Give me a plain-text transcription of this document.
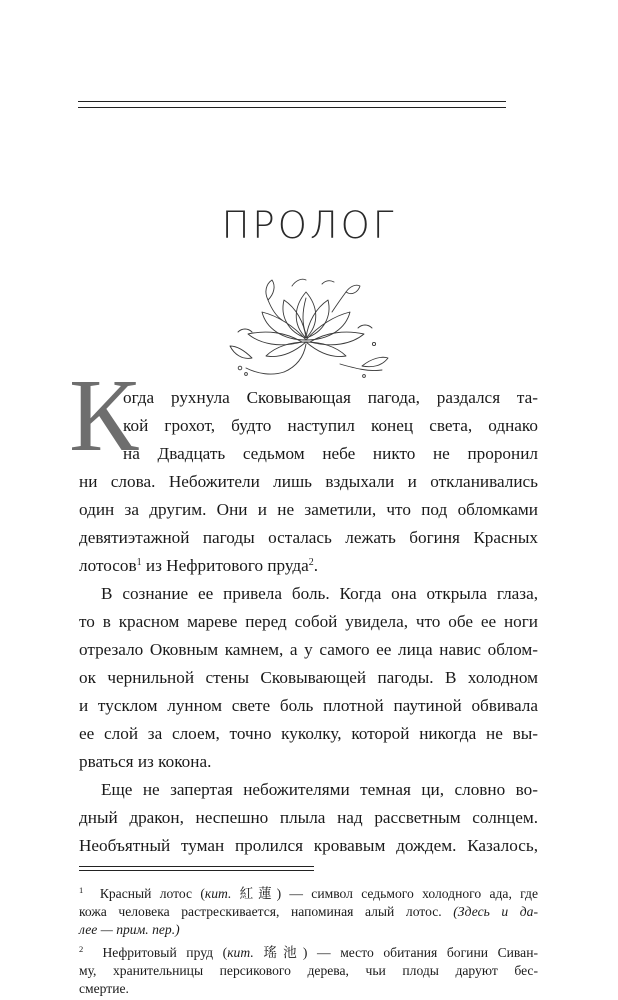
ПРОЛОГ
К
огда рухнула Сковывающая пагода, раздался та-
кой грохот, будто наступил конец света, однако
на Двадцать седьмом небе никто не проронил
ни слова. Небожители лишь вздыхали и откланивались
один за другим. Они и не заметили, что под обломками
девятиэтажной пагоды осталась лежать богиня Красных
лотосов$^1$ из Нефритового пруда$^2$.
В сознание ее привела боль. Когда она открыла глаза,
то в красном мареве перед собой увидела, что обе ее ноги
отрезало Оковным камнем, а у самого ее лица навис облом-
ок чернильной стены Сковывающей пагоды. В холодном
и тусклом лунном свете боль плотной паутиной обвивала
ее слой за слоем, точно куколку, которой никогда не вы-
рваться из кокона.
Еще не запертая небожителями темная ци, словно во-
дный дракон, неспешно плыла над рассветным солнцем.
Необъятный туман пролился кровавым дождем. Казалось,
$^1$ Красный лотос (кит. 紅蓮) — символ седьмого холодного ада, где
кожа человека растрескивается, напоминая алый лотос. (Здесь и да-
лее — прим. пер.)
$^2$ Нефритовый пруд (кит. 瑤池) — место обитания богини Сиван-
му, хранительницы персикового дерева, чьи плоды даруют бес-
смертие.
